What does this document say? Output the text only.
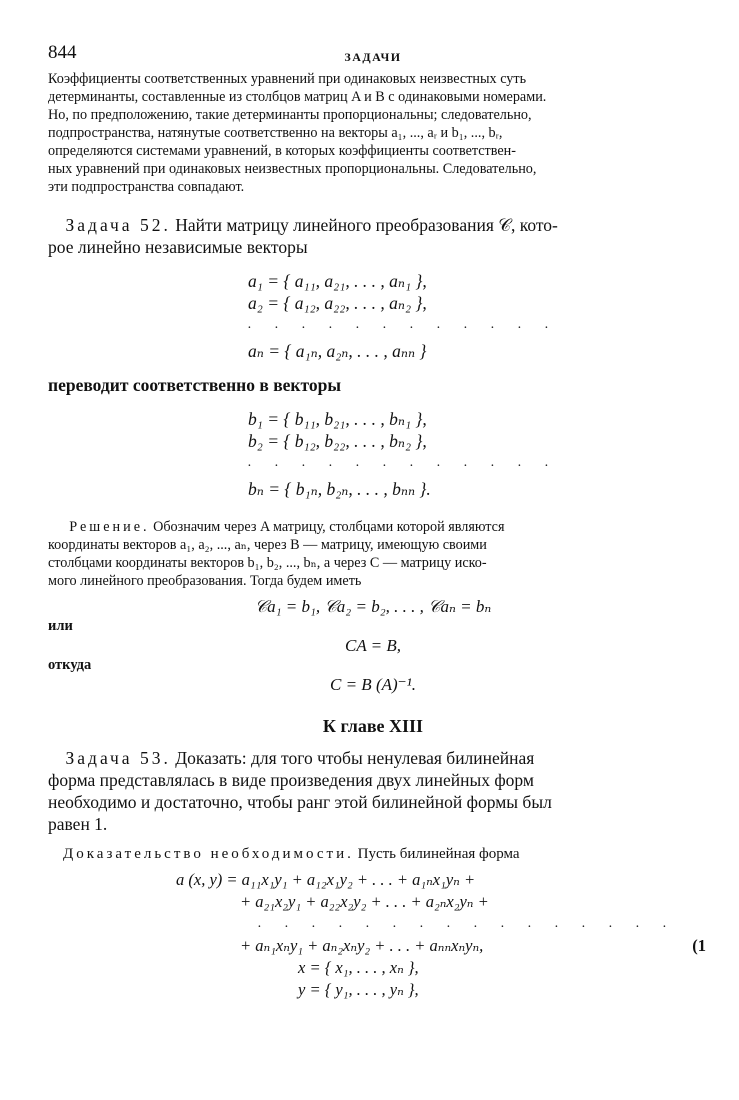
844	ЗАДАЧИ

Коэффициенты соответственных уравнений при одинаковых неизвестных суть

детерминанты, составленные из столбцов матриц A и B с одинаковыми номерами.

Но, по предположению, такие детерминанты пропорциональны; следовательно,

подпространства, натянутые соответственно на векторы a₁, ..., aᵣ и b₁, ..., bᵣ,

определяются системами уравнений, в которых коэффициенты соответствен-

ных уравнений при одинаковых неизвестных пропорциональны. Следовательно,

эти подпространства совпадают.

Задача 52. Найти матрицу линейного преобразования 𝒞, кото-
рое линейно независимые векторы
a₁ = { a₁₁, a₂₁, . . . , aₙ₁ },
a₂ = { a₁₂, a₂₂, . . . , aₙ₂ },
. . . . . . . . . . . .
aₙ = { a₁ₙ, a₂ₙ, . . . , aₙₙ }
переводит соответственно в векторы
b₁ = { b₁₁, b₂₁, . . . , bₙ₁ },
b₂ = { b₁₂, b₂₂, . . . , bₙ₂ },
. . . . . . . . . . . .
bₙ = { b₁ₙ, b₂ₙ, . . . , bₙₙ }.

Решение. Обозначим через A матрицу, столбцами которой являются

координаты векторов a₁, a₂, ..., aₙ, через B — матрицу, имеющую своими

столбцами координаты векторов b₁, b₂, ..., bₙ, а через C — матрицу иско-

мого линейного преобразования. Тогда будем иметь

𝒞a₁ = b₁, 𝒞a₂ = b₂, . . . , 𝒞aₙ = bₙ
или
CA = B,
откуда
C = B (A)⁻¹.
К главе XIII
Задача 53. Доказать: для того чтобы ненулевая билинейная
форма представлялась в виде произведения двух линейных форм
необходимо и достаточно, чтобы ранг этой билинейной формы был
равен 1.

Доказательство необходимости. Пусть билинейная форма

a (x, y) = a₁₁x₁y₁ + a₁₂x₁y₂ + . . . + a₁ₙx₁yₙ +
+ a₂₁x₂y₁ + a₂₂x₂y₂ + . . . + a₂ₙx₂yₙ +
. . . . . . . . . . . . . . . .
+ aₙ₁xₙy₁ + aₙ₂xₙy₂ + . . . + aₙₙxₙyₙ,	(1
x = { x₁, . . . , xₙ },
y = { y₁, . . . , yₙ },
